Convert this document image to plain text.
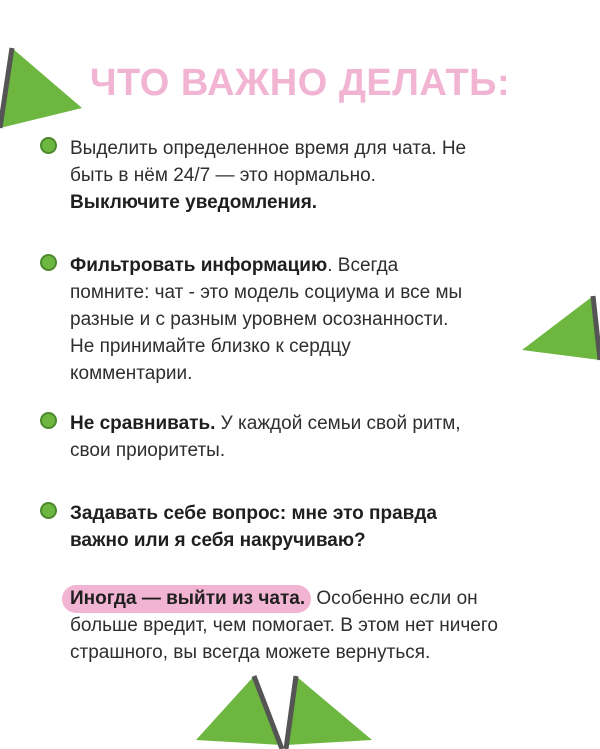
ЧТО ВАЖНО ДЕЛАТЬ:
Выделить определенное время для чата. Не
быть в нём 24/7 — это нормально.
Выключите уведомления.
Фильтровать информацию. Всегда
помните: чат - это модель социума и все мы
разные и с разным уровнем осознанности.
Не принимайте близко к сердцу
комментарии.
Не сравнивать. У каждой семьи свой ритм,
свои приоритеты.
Задавать себе вопрос: мне это правда
важно или я себя накручиваю?
Иногда — выйти из чата. Особенно если он
больше вредит, чем помогает. В этом нет ничего
страшного, вы всегда можете вернуться.
